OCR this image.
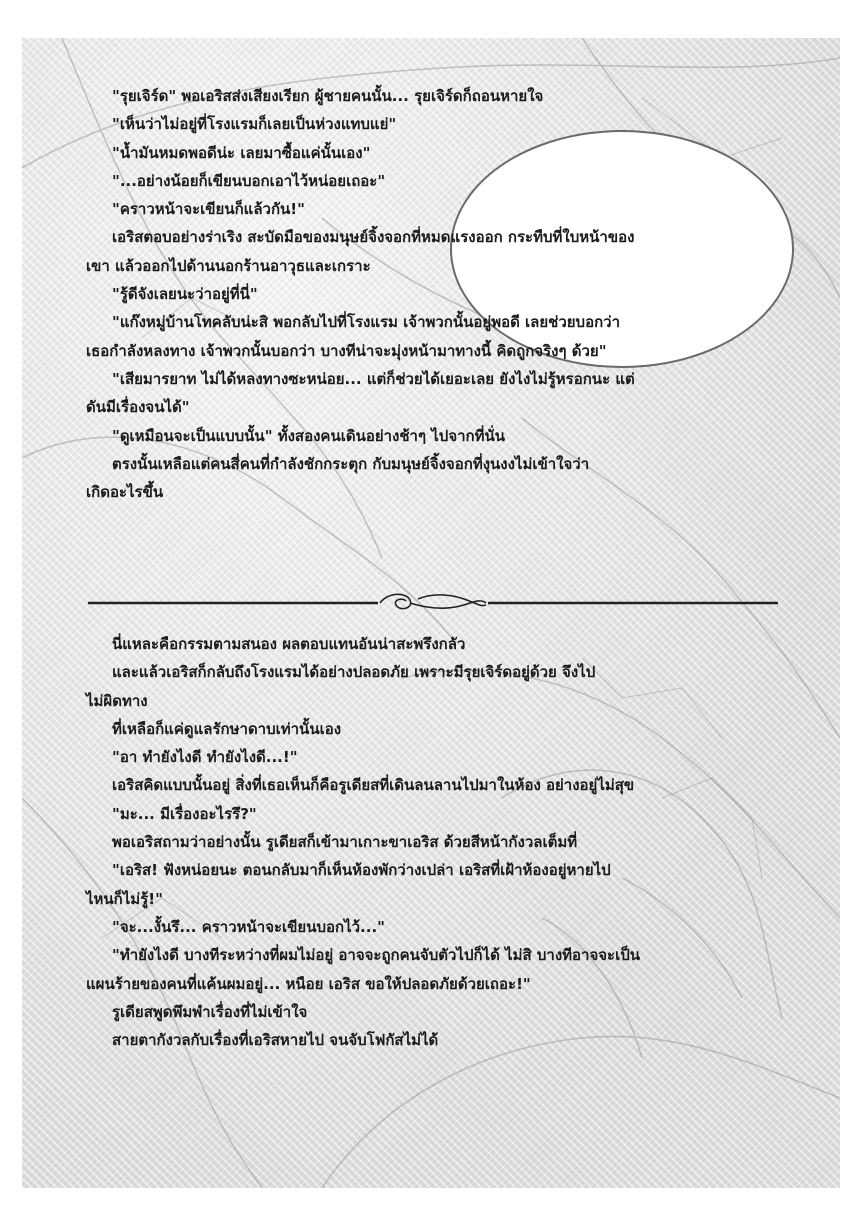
"รุยเจิร์ด" พอเอริสส่งเสียงเรียก ผู้ชายคนนั้น... รุยเจิร์ดก็ถอนหายใจ

"เห็นว่าไม่อยู่ที่โรงแรมก็เลยเป็นห่วงแทบแย่"

"น้ำมันหมดพอดีน่ะ เลยมาซื้อแค่นั้นเอง"

"...อย่างน้อยก็เขียนบอกเอาไว้หน่อยเถอะ"

"คราวหน้าจะเขียนก็แล้วกัน!"

เอริสตอบอย่างร่าเริง สะบัดมือของมนุษย์จิ้งจอกที่หมดแรงออก กระทืบที่ใบหน้าของ

เขา แล้วออกไปด้านนอกร้านอาวุธและเกราะ

"รู้ดีจังเลยนะว่าอยู่ที่นี่"

"แก๊งหมู่บ้านโทคลับน่ะสิ พอกลับไปที่โรงแรม เจ้าพวกนั้นอยู่พอดี เลยช่วยบอกว่า

เธอกำลังหลงทาง เจ้าพวกนั้นบอกว่า บางทีน่าจะมุ่งหน้ามาทางนี้ คิดถูกจริงๆ ด้วย"

"เสียมารยาท ไม่ได้หลงทางซะหน่อย... แต่ก็ช่วยได้เยอะเลย ยังไงไม่รู้หรอกนะ แต่

ดันมีเรื่องจนได้"

"ดูเหมือนจะเป็นแบบนั้น" ทั้งสองคนเดินอย่างช้าๆ ไปจากที่นั่น

ตรงนั้นเหลือแต่คนสี่คนที่กำลังชักกระตุก กับมนุษย์จิ้งจอกที่งุนงงไม่เข้าใจว่า

เกิดอะไรขึ้น

นี่แหละคือกรรมตามสนอง ผลตอบแทนอันน่าสะพรึงกลัว

และแล้วเอริสก็กลับถึงโรงแรมได้อย่างปลอดภัย เพราะมีรุยเจิร์ดอยู่ด้วย จึงไป

ไม่ผิดทาง

ที่เหลือก็แค่ดูแลรักษาดาบเท่านั้นเอง

"อา ทำยังไงดี ทำยังไงดี...!"

เอริสคิดแบบนั้นอยู่ สิ่งที่เธอเห็นก็คือรูเดียสที่เดินลนลานไปมาในห้อง อย่างอยู่ไม่สุข

"มะ... มีเรื่องอะไรรึ?"

พอเอริสถามว่าอย่างนั้น รูเดียสก็เข้ามาเกาะขาเอริส ด้วยสีหน้ากังวลเต็มที่

"เอริส! ฟังหน่อยนะ ตอนกลับมาก็เห็นห้องพักว่างเปล่า เอริสที่เฝ้าห้องอยู่หายไป

ไหนก็ไม่รู้!"

"จะ...งั้นรึ... คราวหน้าจะเขียนบอกไว้..."

"ทำยังไงดี บางทีระหว่างที่ผมไม่อยู่ อาจจะถูกคนจับตัวไปก็ได้ ไม่สิ บางทีอาจจะเป็น

แผนร้ายของคนที่แค้นผมอยู่... หนือย เอริส ขอให้ปลอดภัยด้วยเถอะ!"

รูเดียสพูดพึมพำเรื่องที่ไม่เข้าใจ

สายตากังวลกับเรื่องที่เอริสหายไป จนจับโฟกัสไม่ได้
